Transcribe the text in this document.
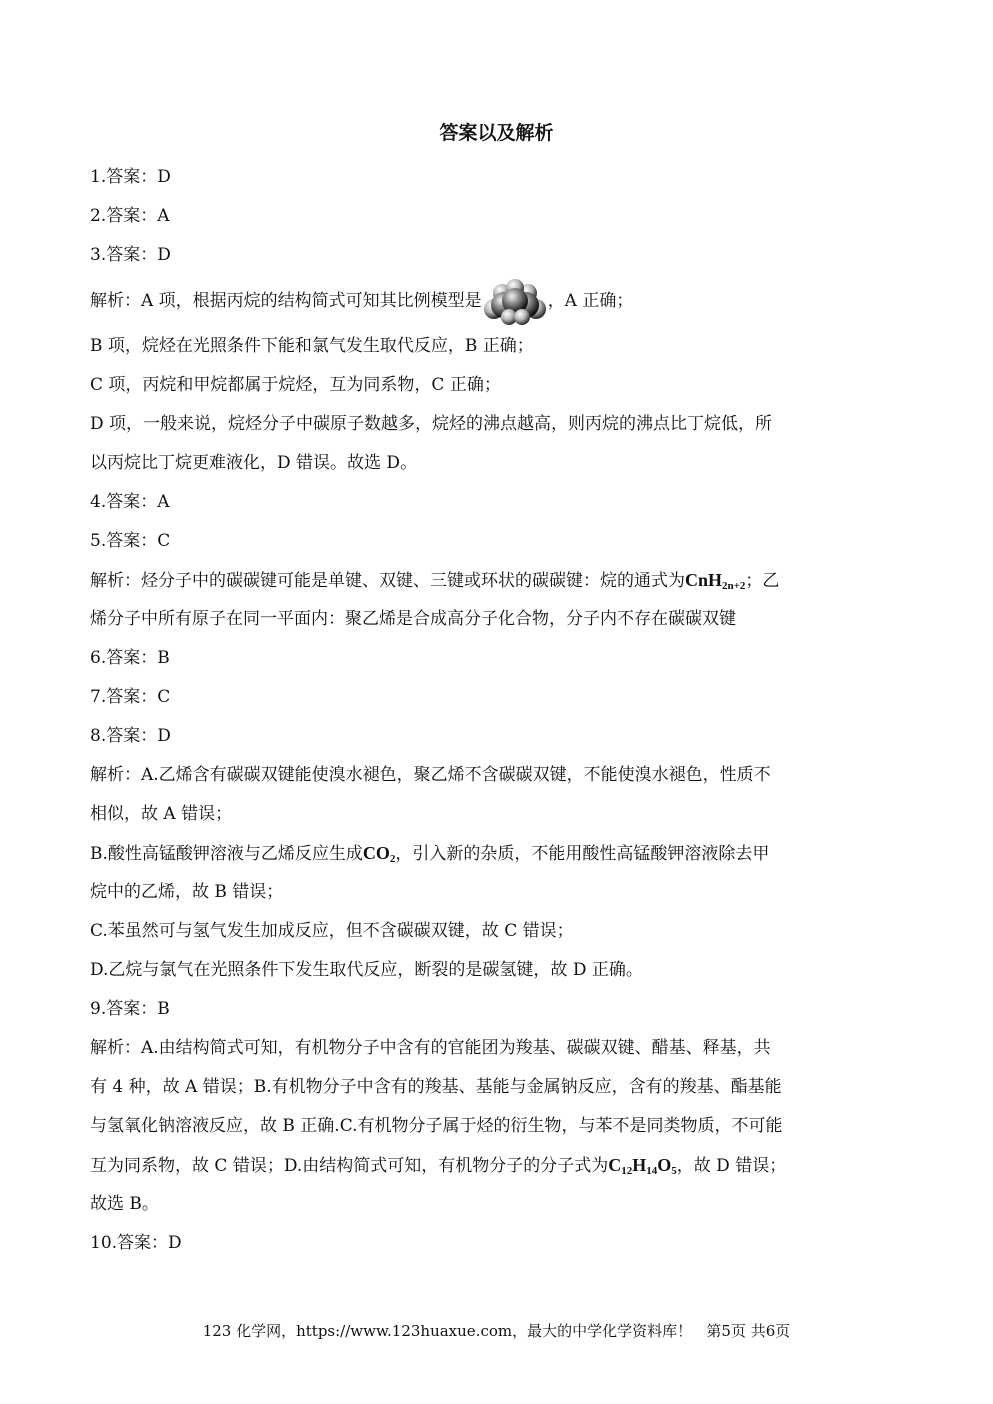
答案以及解析
1.答案：D
2.答案：A
3.答案：D
解析：A 项，根据丙烷的结构简式可知其比例模型是	，A 正确；
B 项，烷烃在光照条件下能和氯气发生取代反应，B 正确；
C 项，丙烷和甲烷都属于烷烃，互为同系物，C 正确；
D 项，一般来说，烷烃分子中碳原子数越多，烷烃的沸点越高，则丙烷的沸点比丁烷低，所
以丙烷比丁烷更难液化，D 错误。故选 D。
4.答案：A
5.答案：C
解析：烃分子中的碳碳键可能是单键、双键、三键或环状的碳碳键：烷的通式为CnH$_{2n+2}$；乙
烯分子中所有原子在同一平面内：聚乙烯是合成高分子化合物，分子内不存在碳碳双键
6.答案：B
7.答案：C
8.答案：D
解析：A.乙烯含有碳碳双键能使溴水褪色，聚乙烯不含碳碳双键，不能使溴水褪色，性质不
相似，故 A 错误；
B.酸性高锰酸钾溶液与乙烯反应生成$CO_2$，引入新的杂质，不能用酸性高锰酸钾溶液除去甲
烷中的乙烯，故 B 错误；
C.苯虽然可与氢气发生加成反应，但不含碳碳双键，故 C 错误；
D.乙烷与氯气在光照条件下发生取代反应，断裂的是碳氢键，故 D 正确。
9.答案：B
解析：A.由结构简式可知，有机物分子中含有的官能团为羧基、碳碳双键、醋基、释基，共
有 4 种，故 A 错误；B.有机物分子中含有的羧基、基能与金属钠反应，含有的羧基、酯基能
与氢氧化钠溶液反应，故 B 正确.C.有机物分子属于烃的衍生物，与苯不是同类物质，不可能
互为同系物，故 C 错误；D.由结构简式可知，有机物分子的分子式为$C_{12}H_{14}O_5$，故 D 错误；
故选 B。
10.答案：D
123 化学网，https://www.123huaxue.com，最大的中学化学资料库！ 第5页 共6页
